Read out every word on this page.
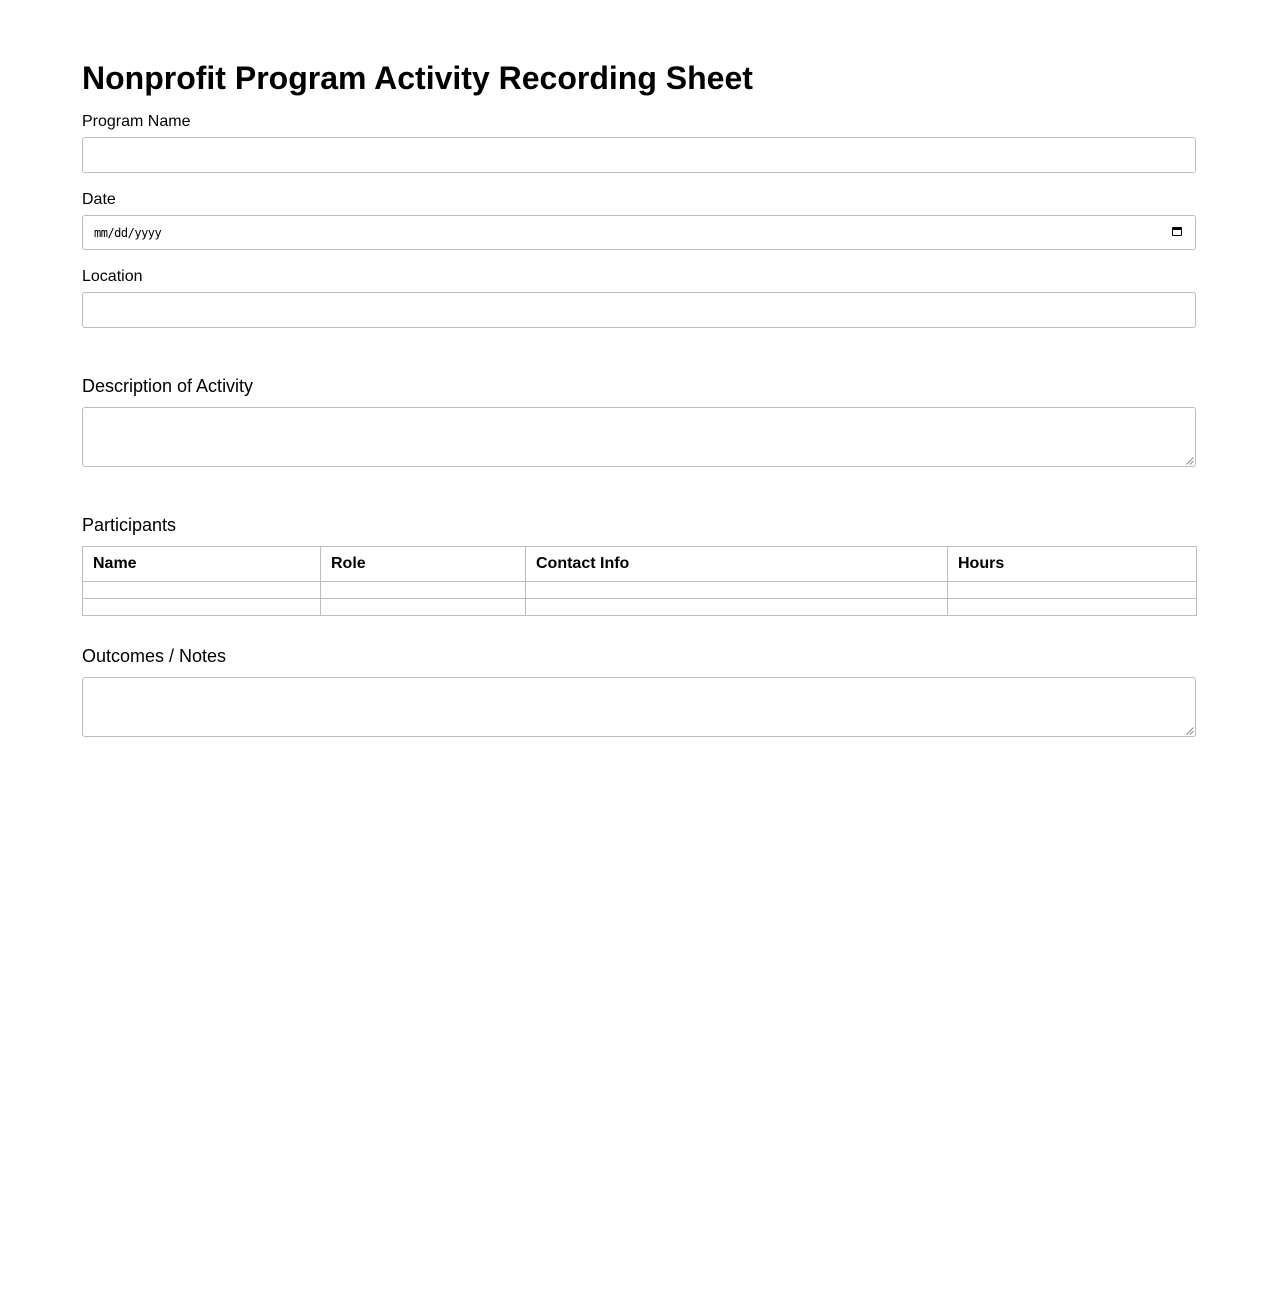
Nonprofit Program Activity Recording Sheet
Program Name
Date
mm/dd/yyyy
Location
Description of Activity
Participants
Name	Role	Contact Info	Hours

Outcomes / Notes
